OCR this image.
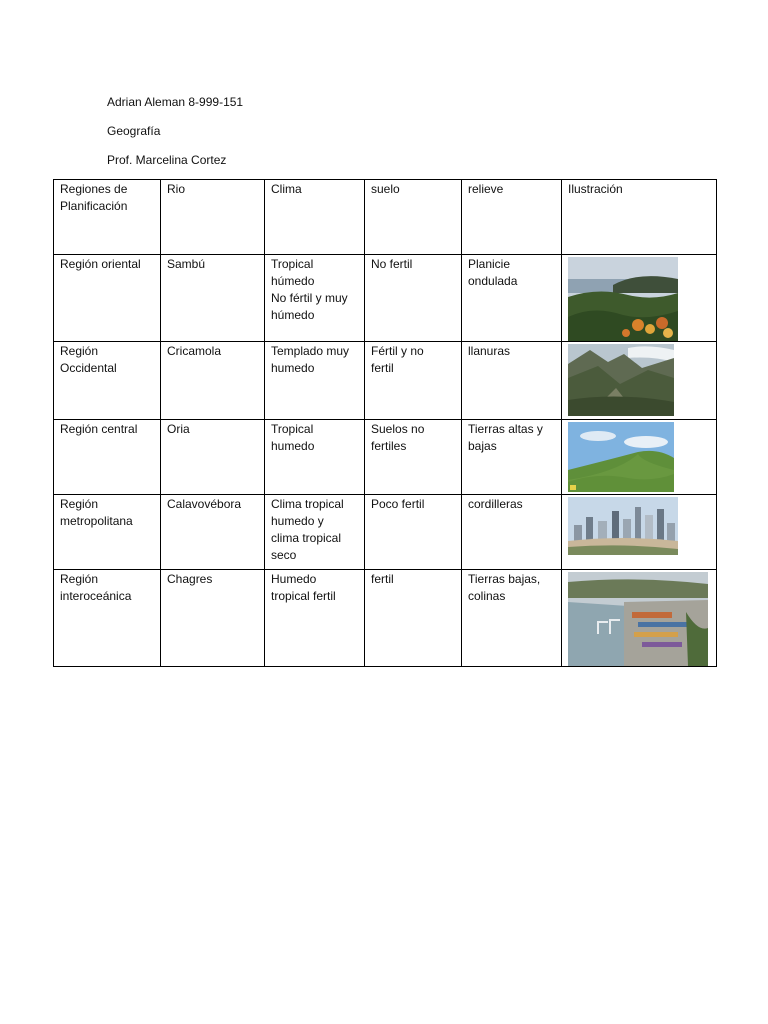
Adrian Aleman 8-999-151
Geografía
Prof. Marcelina Cortez
Regiones de
Planificación	Rio	Clima	suelo	relieve	Ilustración

Región oriental	Sambú	Tropical
húmedo
No fértil y muy
húmedo	No fertil	Planicie
ondulada

Región
Occidental	Cricamola	Templado muy
humedo	Fértil y no
fertil	llanuras

Región central	Oria	Tropical
humedo	Suelos no
fertiles	Tierras altas y
bajas

Región
metropolitana	Calavovébora	Clima tropical
humedo y
clima tropical
seco	Poco fertil	cordilleras

Región
interoceánica	Chagres	Humedo
tropical fertil	fertil	Tierras bajas,
colinas
